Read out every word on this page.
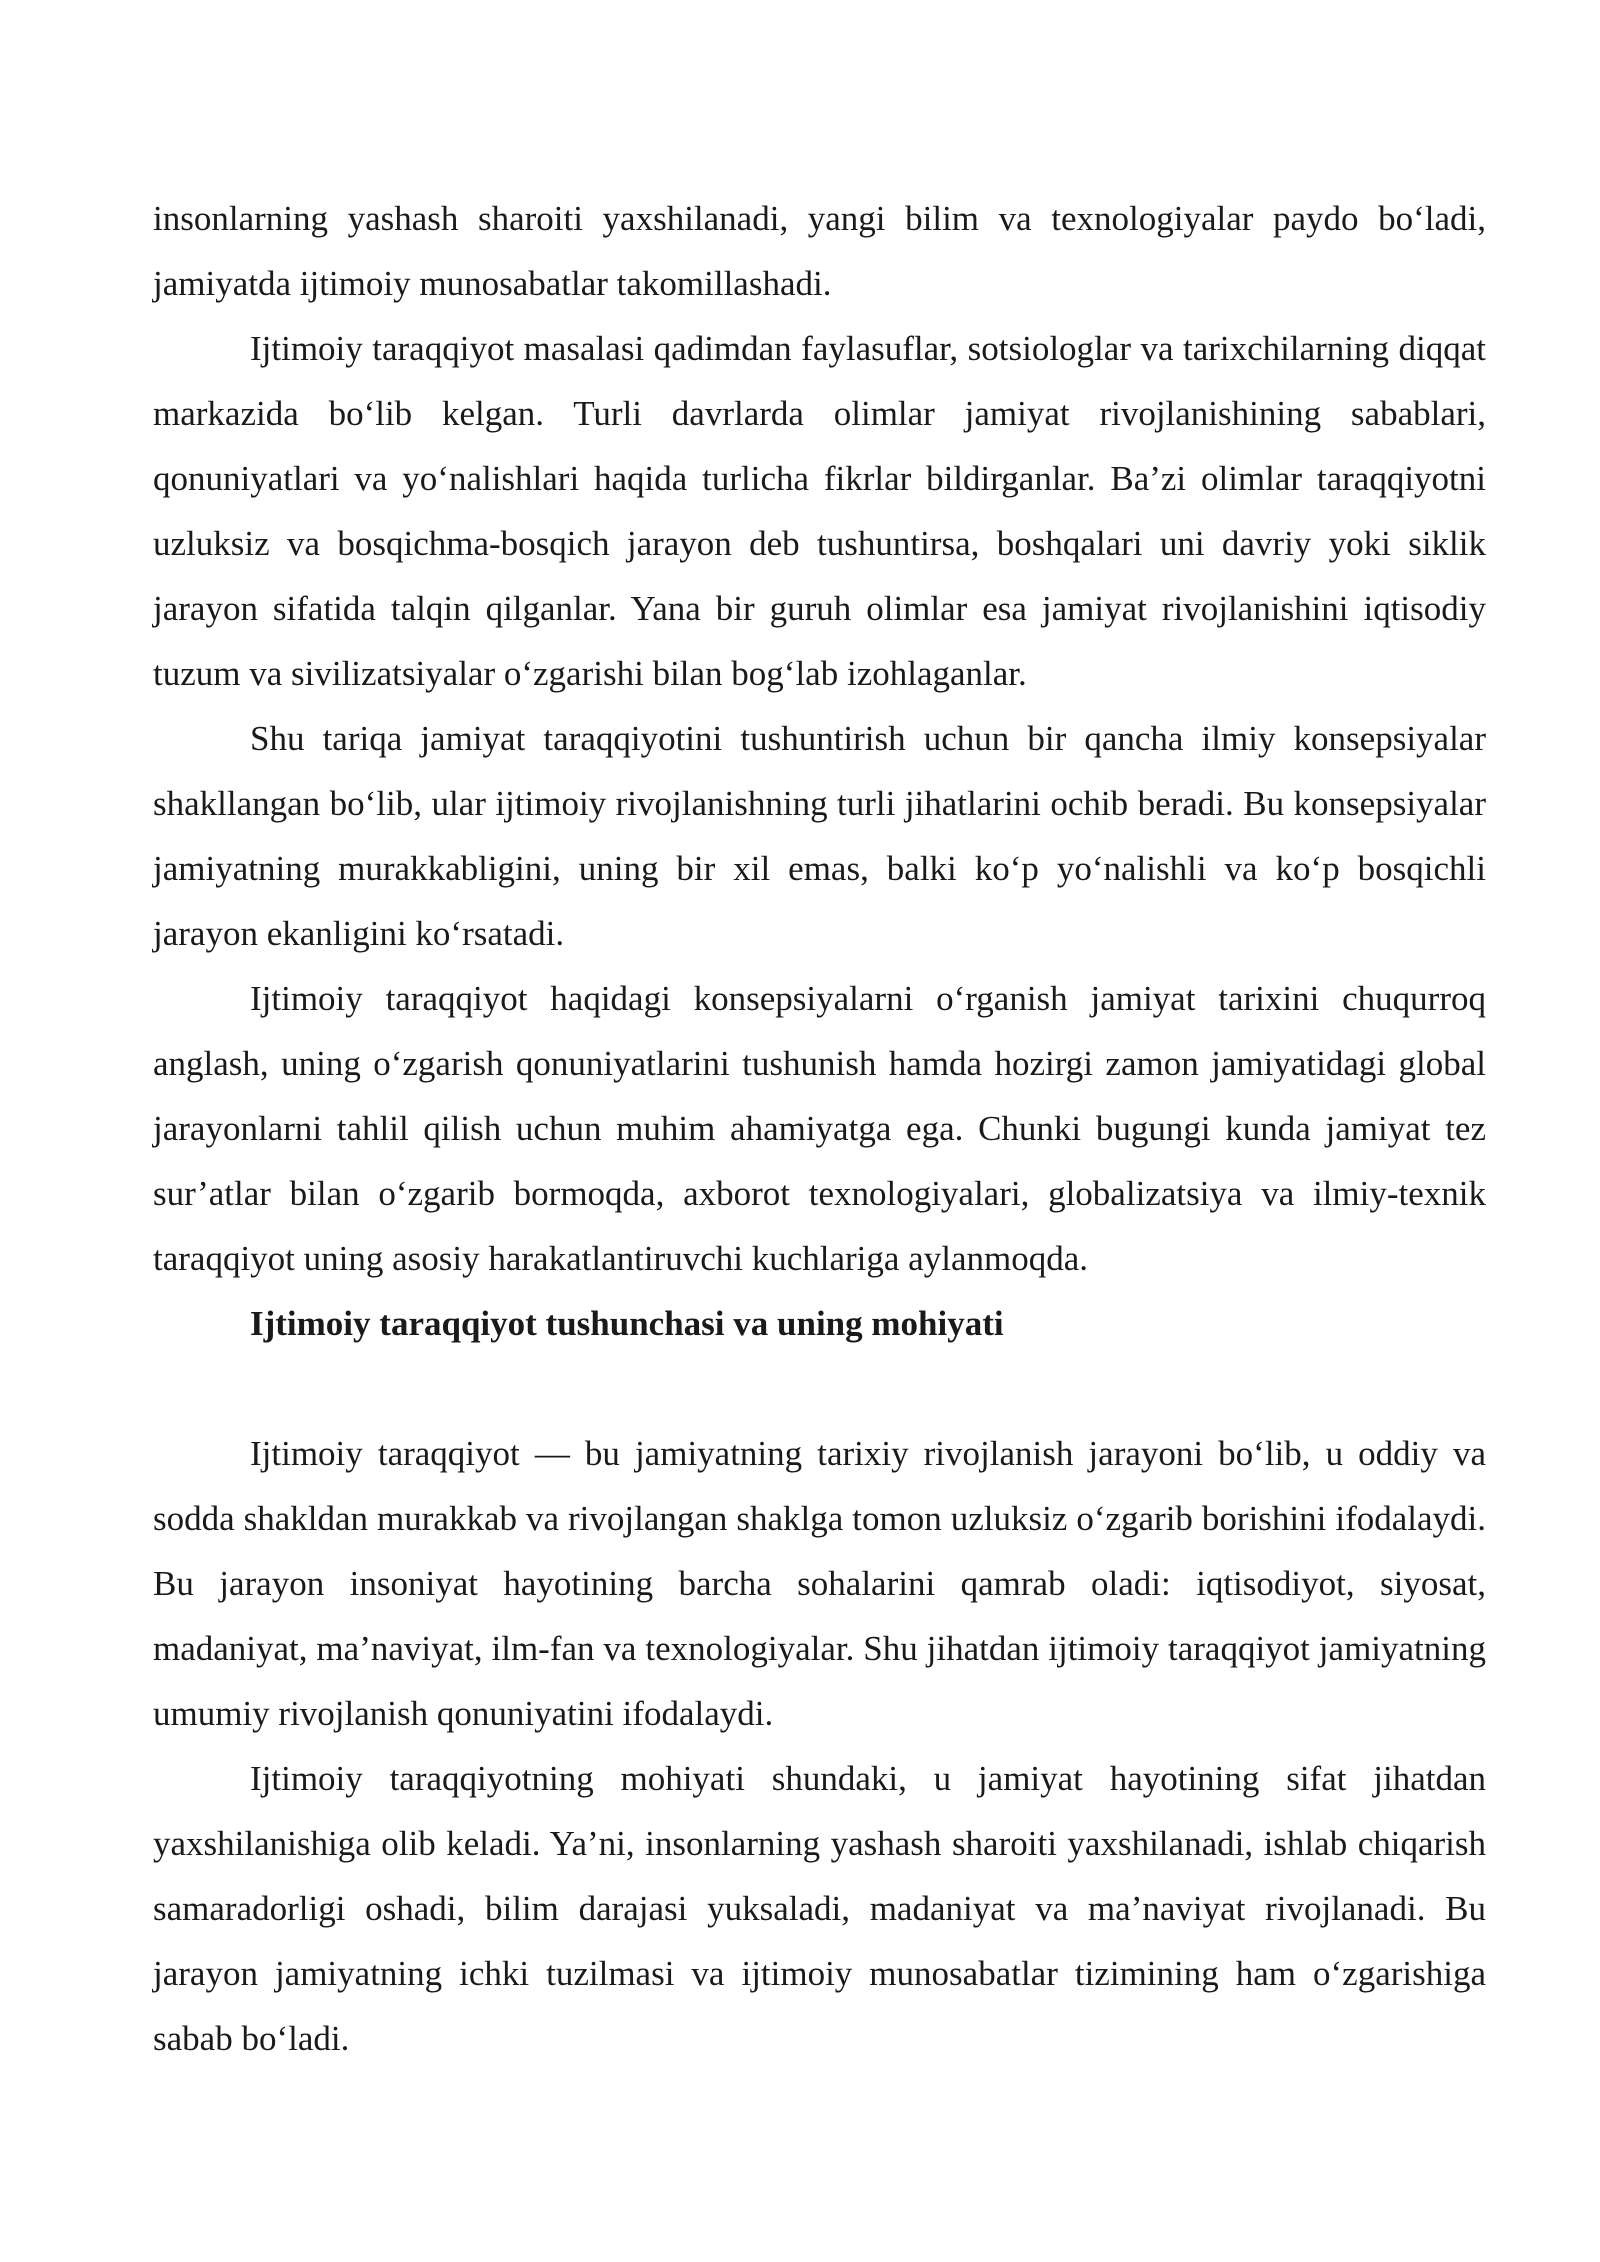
insonlarning yashash sharoiti yaxshilanadi, yangi bilim va texnologiyalar paydo bo‘ladi, jamiyatda ijtimoiy munosabatlar takomillashadi.

Ijtimoiy taraqqiyot masalasi qadimdan faylasuflar, sotsiologlar va tarixchilarning diqqat markazida bo‘lib kelgan. Turli davrlarda olimlar jamiyat rivojlanishining sabablari, qonuniyatlari va yo‘nalishlari haqida turlicha fikrlar bildirganlar. Ba’zi olimlar taraqqiyotni uzluksiz va bosqichma-bosqich jarayon deb tushuntirsa, boshqalari uni davriy yoki siklik jarayon sifatida talqin qilganlar. Yana bir guruh olimlar esa jamiyat rivojlanishini iqtisodiy tuzum va sivilizatsiyalar o‘zgarishi bilan bog‘lab izohlaganlar.

Shu tariqa jamiyat taraqqiyotini tushuntirish uchun bir qancha ilmiy konsepsiyalar shakllangan bo‘lib, ular ijtimoiy rivojlanishning turli jihatlarini ochib beradi. Bu konsepsiyalar jamiyatning murakkabligini, uning bir xil emas, balki ko‘p yo‘nalishli va ko‘p bosqichli jarayon ekanligini ko‘rsatadi.

Ijtimoiy taraqqiyot haqidagi konsepsiyalarni o‘rganish jamiyat tarixini chuqurroq anglash, uning o‘zgarish qonuniyatlarini tushunish hamda hozirgi zamon jamiyatidagi global jarayonlarni tahlil qilish uchun muhim ahamiyatga ega. Chunki bugungi kunda jamiyat tez sur’atlar bilan o‘zgarib bormoqda, axborot texnologiyalari, globalizatsiya va ilmiy-texnik taraqqiyot uning asosiy harakatlantiruvchi kuchlariga aylanmoqda.

Ijtimoiy taraqqiyot tushunchasi va uning mohiyati

Ijtimoiy taraqqiyot — bu jamiyatning tarixiy rivojlanish jarayoni bo‘lib, u oddiy va sodda shakldan murakkab va rivojlangan shaklga tomon uzluksiz o‘zgarib borishini ifodalaydi. Bu jarayon insoniyat hayotining barcha sohalarini qamrab oladi: iqtisodiyot, siyosat, madaniyat, ma’naviyat, ilm-fan va texnologiyalar. Shu jihatdan ijtimoiy taraqqiyot jamiyatning umumiy rivojlanish qonuniyatini ifodalaydi.

Ijtimoiy taraqqiyotning mohiyati shundaki, u jamiyat hayotining sifat jihatdan yaxshilanishiga olib keladi. Ya’ni, insonlarning yashash sharoiti yaxshilanadi, ishlab chiqarish samaradorligi oshadi, bilim darajasi yuksaladi, madaniyat va ma’naviyat rivojlanadi. Bu jarayon jamiyatning ichki tuzilmasi va ijtimoiy munosabatlar tizimining ham o‘zgarishiga sabab bo‘ladi.
